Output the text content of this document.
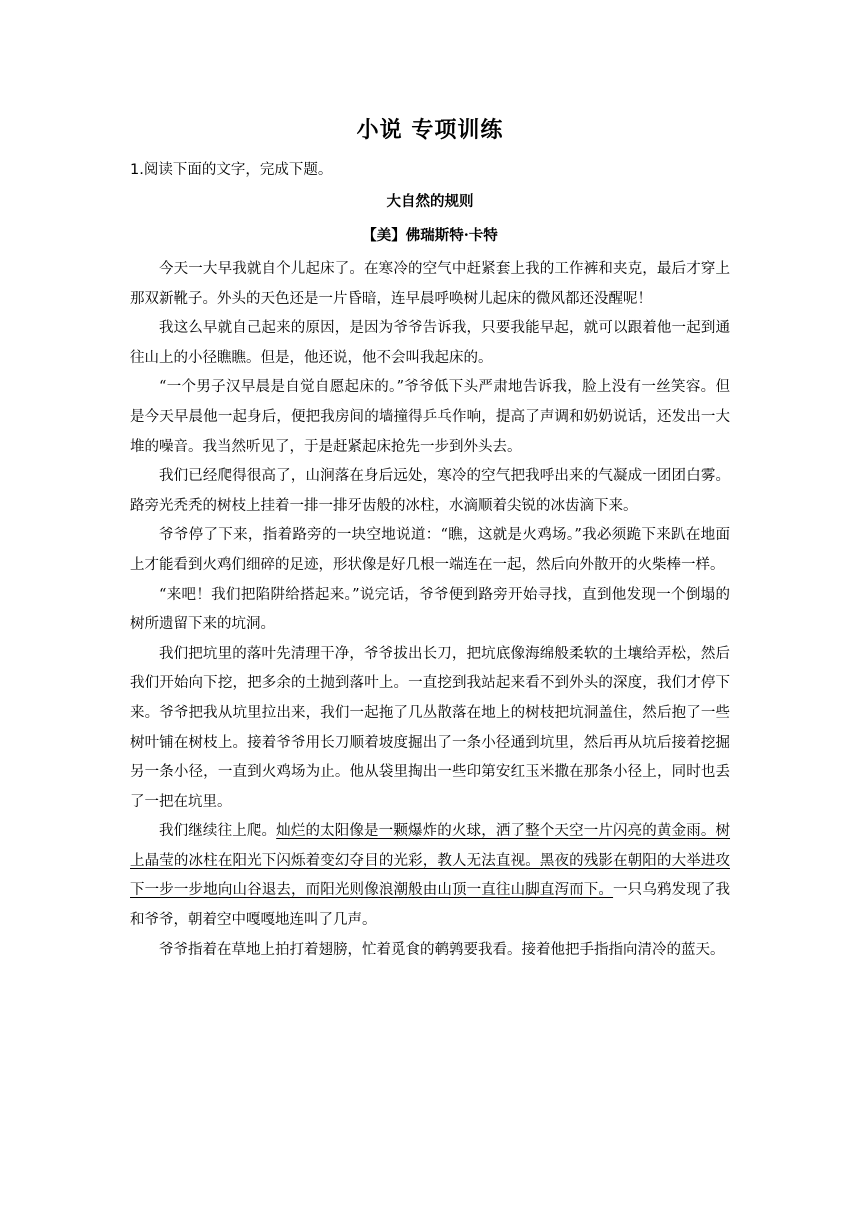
小说 专项训练
1.阅读下面的文字，完成下题。
大自然的规则
【美】佛瑞斯特·卡特

今天一大早我就自个儿起床了。在寒冷的空气中赶紧套上我的工作裤和夹克，最后才穿上那双新靴子。外头的天色还是一片昏暗，连早晨呼唤树儿起床的微风都还没醒呢！

我这么早就自己起来的原因，是因为爷爷告诉我，只要我能早起，就可以跟着他一起到通往山上的小径瞧瞧。但是，他还说，他不会叫我起床的。

“一个男子汉早晨是自觉自愿起床的。”爷爷低下头严肃地告诉我，脸上没有一丝笑容。但是今天早晨他一起身后，便把我房间的墙撞得乒乓作响，提高了声调和奶奶说话，还发出一大堆的噪音。我当然听见了，于是赶紧起床抢先一步到外头去。

我们已经爬得很高了，山涧落在身后远处，寒冷的空气把我呼出来的气凝成一团团白雾。路旁光秃秃的树枝上挂着一排一排牙齿般的冰柱，水滴顺着尖锐的冰齿滴下来。

爷爷停了下来，指着路旁的一块空地说道：“瞧，这就是火鸡场。”我必须跪下来趴在地面上才能看到火鸡们细碎的足迹，形状像是好几根一端连在一起，然后向外散开的火柴棒一样。

“来吧！我们把陷阱给搭起来。”说完话，爷爷便到路旁开始寻找，直到他发现一个倒塌的树所遗留下来的坑洞。

我们把坑里的落叶先清理干净，爷爷拔出长刀，把坑底像海绵般柔软的土壤给弄松，然后我们开始向下挖，把多余的土抛到落叶上。一直挖到我站起来看不到外头的深度，我们才停下来。爷爷把我从坑里拉出来，我们一起拖了几丛散落在地上的树枝把坑洞盖住，然后抱了一些树叶铺在树枝上。接着爷爷用长刀顺着坡度掘出了一条小径通到坑里，然后再从坑后接着挖掘另一条小径，一直到火鸡场为止。他从袋里掏出一些印第安红玉米撒在那条小径上，同时也丢了一把在坑里。

我们继续往上爬。灿烂的太阳像是一颗爆炸的火球，洒了整个天空一片闪亮的黄金雨。树上晶莹的冰柱在阳光下闪烁着变幻夺目的光彩，教人无法直视。黑夜的残影在朝阳的大举进攻下一步一步地向山谷退去，而阳光则像浪潮般由山顶一直往山脚直泻而下。一只乌鸦发现了我和爷爷，朝着空中嘎嘎地连叫了几声。

爷爷指着在草地上拍打着翅膀，忙着觅食的鹌鹑要我看。接着他把手指指向清冷的蓝天。
